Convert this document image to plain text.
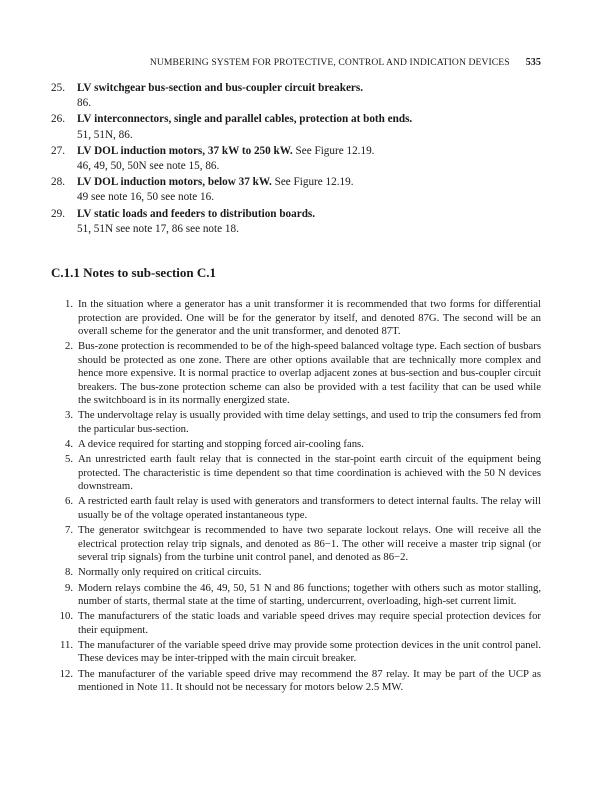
NUMBERING SYSTEM FOR PROTECTIVE, CONTROL AND INDICATION DEVICES 535
25.	LV switchgear bus-section and bus-coupler circuit breakers.
86.
26.	LV interconnectors, single and parallel cables, protection at both ends.
51, 51N, 86.
27.	LV DOL induction motors, 37 kW to 250 kW. See Figure 12.19.
46, 49, 50, 50N see note 15, 86.
28.	LV DOL induction motors, below 37 kW. See Figure 12.19.
49 see note 16, 50 see note 16.
29.	LV static loads and feeders to distribution boards.
51, 51N see note 17, 86 see note 18.
C.1.1 Notes to sub-section C.1
1. In the situation where a generator has a unit transformer it is recommended that two forms for differential protection are provided. One will be for the generator by itself, and denoted 87G. The second will be an overall scheme for the generator and the unit transformer, and denoted 87T.
2. Bus-zone protection is recommended to be of the high-speed balanced voltage type. Each section of busbars should be protected as one zone. There are other options available that are technically more complex and hence more expensive. It is normal practice to overlap adjacent zones at bus-section and bus-coupler circuit breakers. The bus-zone protection scheme can also be provided with a test facility that can be used while the switchboard is in its normally energized state.
3. The undervoltage relay is usually provided with time delay settings, and used to trip the consumers fed from the particular bus-section.
4. A device required for starting and stopping forced air-cooling fans.
5. An unrestricted earth fault relay that is connected in the star-point earth circuit of the equipment being protected. The characteristic is time dependent so that time coordination is achieved with the 50 N devices downstream.
6. A restricted earth fault relay is used with generators and transformers to detect internal faults. The relay will usually be of the voltage operated instantaneous type.
7. The generator switchgear is recommended to have two separate lockout relays. One will receive all the electrical protection relay trip signals, and denoted as 86−1. The other will receive a master trip signal (or several trip signals) from the turbine unit control panel, and denoted as 86−2.
8. Normally only required on critical circuits.
9. Modern relays combine the 46, 49, 50, 51 N and 86 functions; together with others such as motor stalling, number of starts, thermal state at the time of starting, undercurrent, overloading, high-set current limit.
10. The manufacturers of the static loads and variable speed drives may require special protection devices for their equipment.
11. The manufacturer of the variable speed drive may provide some protection devices in the unit control panel. These devices may be inter-tripped with the main circuit breaker.
12. The manufacturer of the variable speed drive may recommend the 87 relay. It may be part of the UCP as mentioned in Note 11. It should not be necessary for motors below 2.5 MW.
